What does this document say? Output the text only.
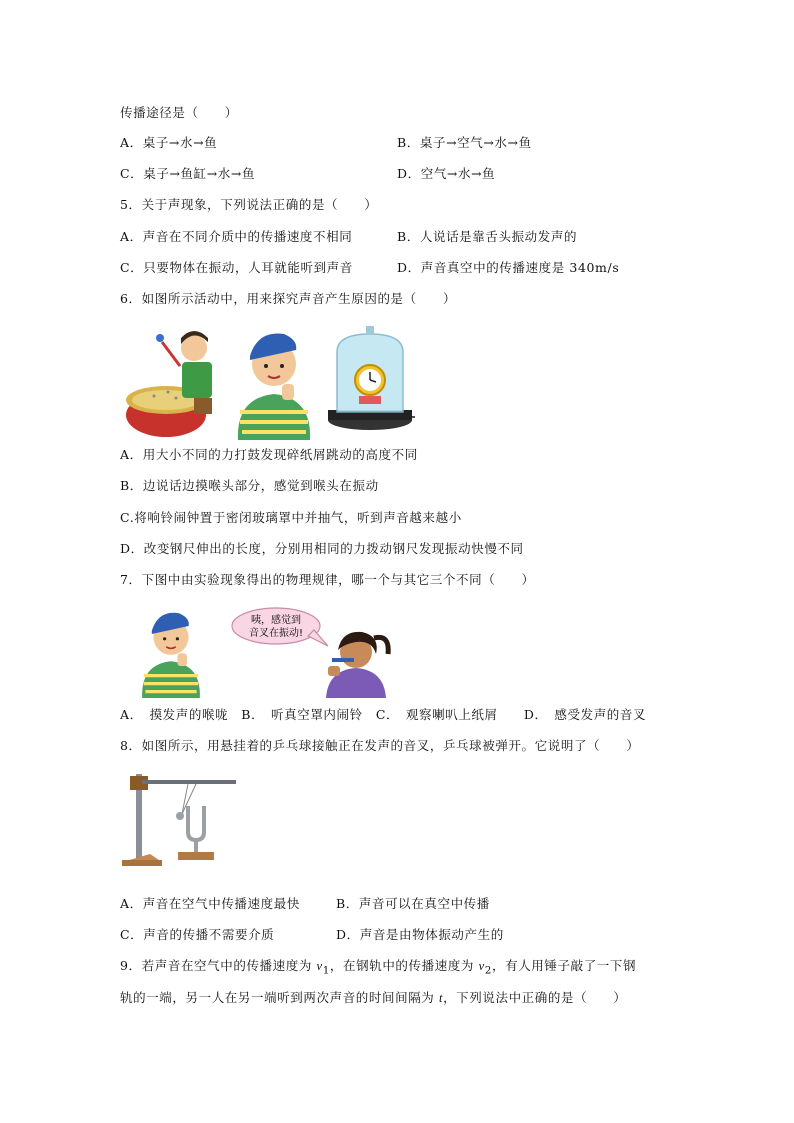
传播途径是（　　）
A．桌子→水→鱼	B．桌子→空气→水→鱼
C．桌子→鱼缸→水→鱼	D．空气→水→鱼
5．关于声现象，下列说法正确的是（　　）
A．声音在不同介质中的传播速度不相同	B．人说话是靠舌头振动发声的
C．只要物体在振动，人耳就能听到声音	D．声音真空中的传播速度是 340m/s
6．如图所示活动中，用来探究声音产生原因的是（　　）
A．用大小不同的力打鼓发现碎纸屑跳动的高度不同
B．边说话边摸喉头部分，感觉到喉头在振动
C.将响铃闹钟置于密闭玻璃罩中并抽气，听到声音越来越小
D．改变钢尺伸出的长度，分别用相同的力拨动钢尺发现振动快慢不同
7．下图中由实验现象得出的物理规律，哪一个与其它三个不同（　　）
咦，感觉到
音叉在振动!
A．　摸发声的喉咙　B．　听真空罩内闹铃　C．　观察喇叭上纸屑　　D．　感受发声的音叉
8．如图所示，用悬挂着的乒乓球接触正在发声的音叉，乒乓球被弹开。它说明了（　　）
A．声音在空气中传播速度最快	B．声音可以在真空中传播
C．声音的传播不需要介质	D．声音是由物体振动产生的
9．若声音在空气中的传播速度为 $v_1$，在钢轨中的传播速度为 $v_2$，有人用锤子敲了一下钢
轨的一端，另一人在另一端听到两次声音的时间间隔为 t，下列说法中正确的是（　　）
